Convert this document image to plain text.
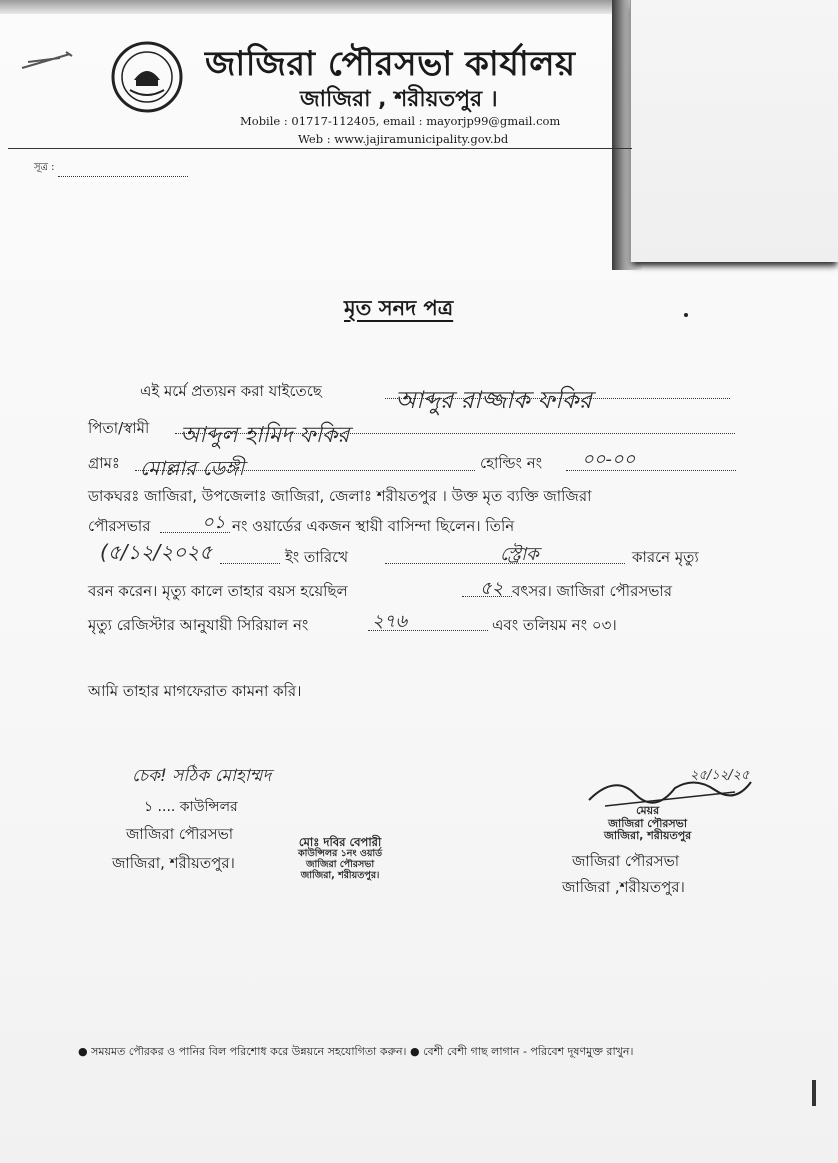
জাজিরা পৌরসভা কার্যালয়
জাজিরা , শরীয়তপুর ।
Mobile : 01717-112405, email : mayorjp99@gmail.com
Web : www.jajiramunicipality.gov.bd
সূত্র :
মৃত সনদ পত্র
এই মর্মে প্রত্যয়ন করা যাইতেছে	আব্দুর রাজ্জাক ফকির
পিতা/স্বামী আব্দুল হামিদ ফকির
গ্রামঃ মোল্লার ডেঙ্গী	হোল্ডিং নং ০০-০০
ডাকঘরঃ জাজিরা, উপজেলাঃ জাজিরা, জেলাঃ শরীয়তপুর । উক্ত মৃত ব্যক্তি জাজিরা
পৌরসভার	০১ নং ওয়ার্ডের একজন স্থায়ী বাসিন্দা ছিলেন। তিনি
(৫/১২/২০২৫	ইং তারিখে	স্ট্রোক	কারনে মৃত্যু
বরন করেন। মৃত্যু কালে তাহার বয়স হয়েছিল	৫২ বৎসর। জাজিরা পৌরসভার
মৃত্যু রেজিস্টার আনুযায়ী সিরিয়াল নং	২৭৬	এবং তলিয়ম নং ০৩।
আমি তাহার মাগফেরাত কামনা করি।
চেক! সঠিক মোহাম্মদ
১ .... কাউন্সিলর
জাজিরা পৌরসভা
জাজিরা, শরীয়তপুর।
মোঃ দবির বেপারী
কাউন্সিলর ১নং ওয়ার্ড
জাজিরা পৌরসভা
জাজিরা, শরীয়তপুর।
২৫/১২/২৫
মেয়র
জাজিরা পৌরসভা
জাজিরা, শরীয়তপুর
জাজিরা পৌরসভা
জাজিরা ,শরীয়তপুর।
● সময়মত পৌরকর ও পানির বিল পরিশোধ করে উন্নয়নে সহযোগিতা করুন। ● বেশী বেশী গাছ লাগান - পরিবেশ দূষণমুক্ত রাখুন।
